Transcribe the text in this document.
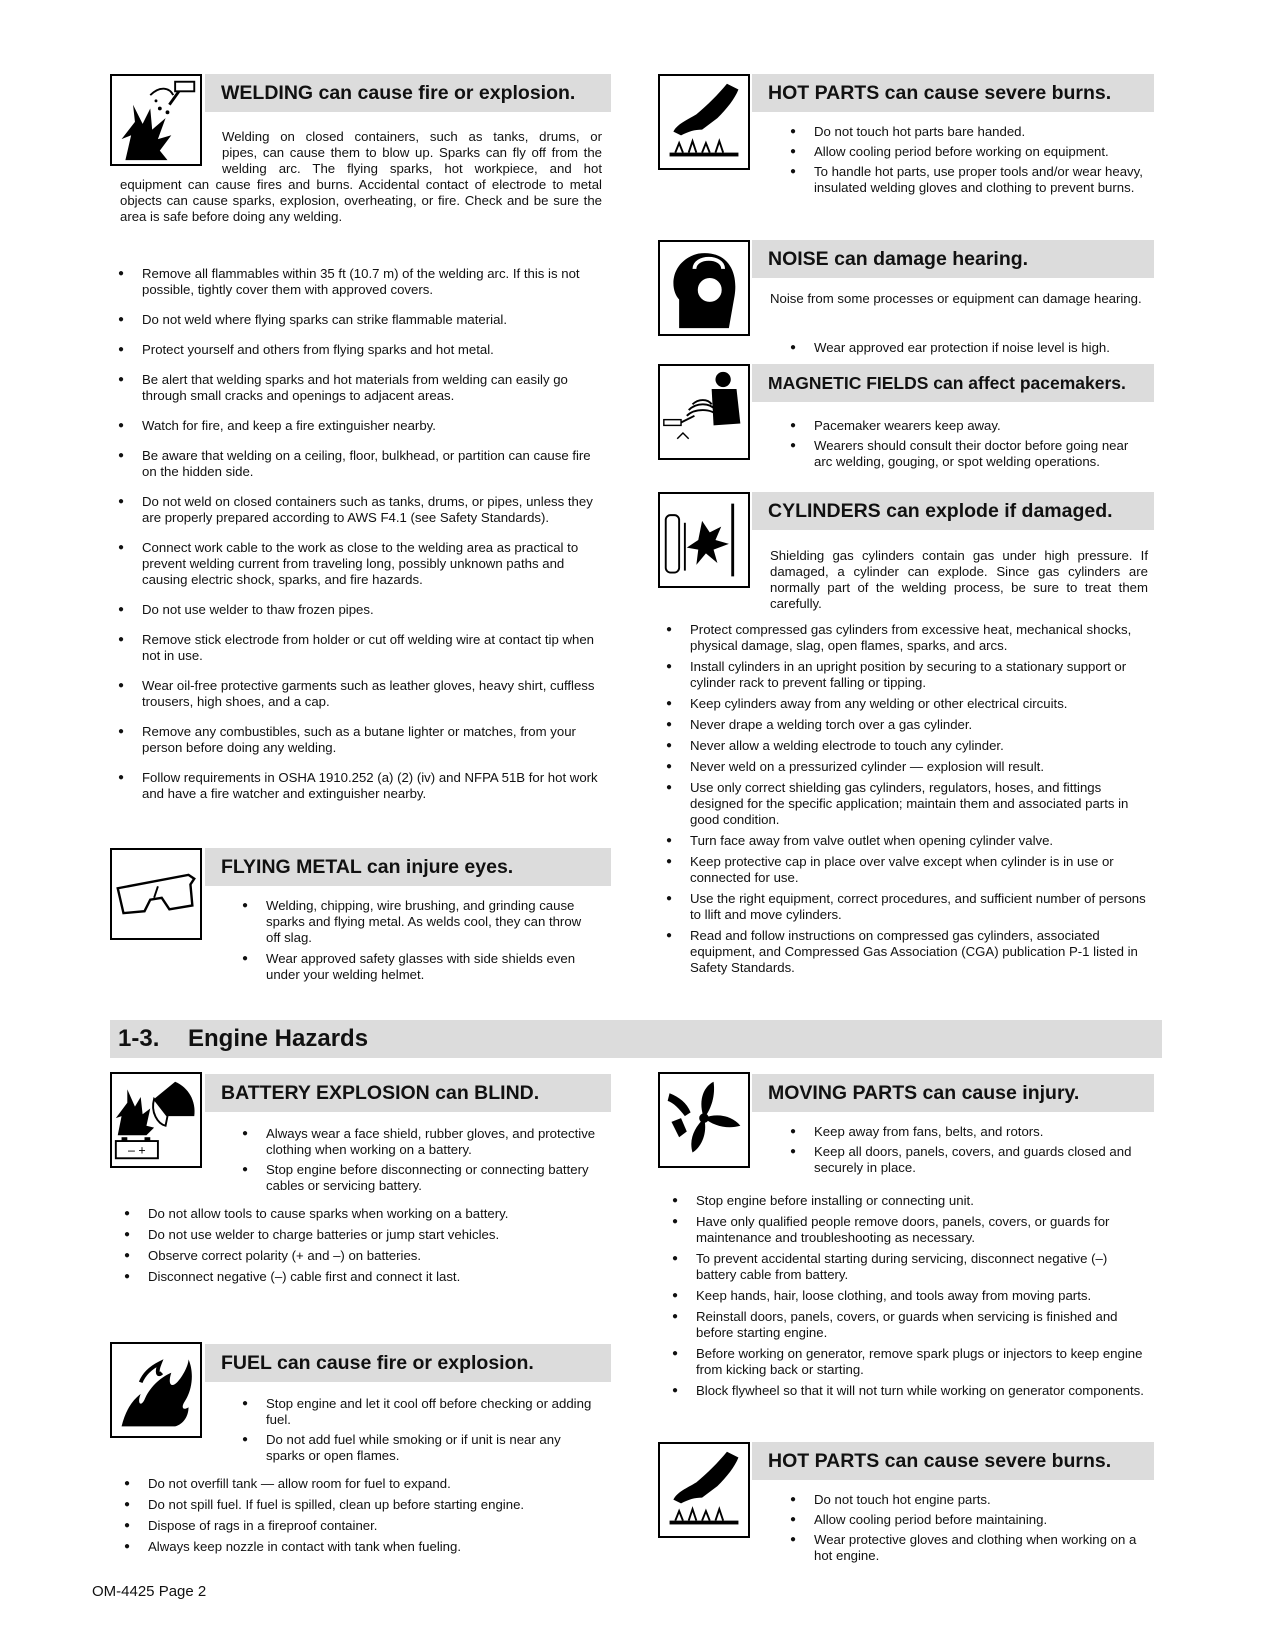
WELDING can cause fire or explosion.
Welding on closed containers, such as tanks, drums, or
pipes, can cause them to blow up. Sparks can fly off from the
welding arc. The flying sparks, hot workpiece, and hot
equipment can cause fires and burns. Accidental contact of electrode to metal objects can cause sparks, explosion, overheating, or fire. Check and be sure the area is safe before doing any welding.
● Remove all flammables within 35 ft (10.7 m) of the welding arc. If this is not possible, tightly cover them with approved covers.
● Do not weld where flying sparks can strike flammable material.
● Protect yourself and others from flying sparks and hot metal.
● Be alert that welding sparks and hot materials from welding can easily go through small cracks and openings to adjacent areas.
● Watch for fire, and keep a fire extinguisher nearby.
● Be aware that welding on a ceiling, floor, bulkhead, or partition can cause fire on the hidden side.
● Do not weld on closed containers such as tanks, drums, or pipes, unless they are properly prepared according to AWS F4.1 (see Safety Standards).
● Connect work cable to the work as close to the welding area as practical to prevent welding current from traveling long, possibly unknown paths and causing electric shock, sparks, and fire hazards.
● Do not use welder to thaw frozen pipes.
● Remove stick electrode from holder or cut off welding wire at contact tip when not in use.
● Wear oil-free protective garments such as leather gloves, heavy shirt, cuffless trousers, high shoes, and a cap.
● Remove any combustibles, such as a butane lighter or matches, from your person before doing any welding.
● Follow requirements in OSHA 1910.252 (a) (2) (iv) and NFPA 51B for hot work and have a fire watcher and extinguisher nearby.
FLYING METAL can injure eyes.
● Welding, chipping, wire brushing, and grinding cause sparks and flying metal. As welds cool, they can throw off slag.
● Wear approved safety glasses with side shields even under your welding helmet.
HOT PARTS can cause severe burns.
● Do not touch hot parts bare handed.
● Allow cooling period before working on equipment.
● To handle hot parts, use proper tools and/or wear heavy, insulated welding gloves and clothing to prevent burns.
NOISE can damage hearing.

Noise from some processes or equipment can damage hearing.

● Wear approved ear protection if noise level is high.
MAGNETIC FIELDS can affect pacemakers.
● Pacemaker wearers keep away.
● Wearers should consult their doctor before going near arc welding, gouging, or spot welding operations.
CYLINDERS can explode if damaged.

Shielding gas cylinders contain gas under high pressure. If damaged, a cylinder can explode. Since gas cylinders are normally part of the welding process, be sure to treat them carefully.

● Protect compressed gas cylinders from excessive heat, mechanical shocks, physical damage, slag, open flames, sparks, and arcs.
● Install cylinders in an upright position by securing to a stationary support or cylinder rack to prevent falling or tipping.
● Keep cylinders away from any welding or other electrical circuits.
● Never drape a welding torch over a gas cylinder.
● Never allow a welding electrode to touch any cylinder.
● Never weld on a pressurized cylinder — explosion will result.
● Use only correct shielding gas cylinders, regulators, hoses, and fittings designed for the specific application; maintain them and associated parts in good condition.
● Turn face away from valve outlet when opening cylinder valve.
● Keep protective cap in place over valve except when cylinder is in use or connected for use.
● Use the right equipment, correct procedures, and sufficient number of persons to llift and move cylinders.
● Read and follow instructions on compressed gas cylinders, associated equipment, and Compressed Gas Association (CGA) publication P-1 listed in Safety Standards.
1-3. Engine Hazards
– +
BATTERY EXPLOSION can BLIND.
● Always wear a face shield, rubber gloves, and protective clothing when working on a battery.
● Stop engine before disconnecting or connecting battery cables or servicing battery.
● Do not allow tools to cause sparks when working on a battery.
● Do not use welder to charge batteries or jump start vehicles.
● Observe correct polarity (+ and –) on batteries.
● Disconnect negative (–) cable first and connect it last.
FUEL can cause fire or explosion.
● Stop engine and let it cool off before checking or adding fuel.
● Do not add fuel while smoking or if unit is near any sparks or open flames.
● Do not overfill tank — allow room for fuel to expand.
● Do not spill fuel. If fuel is spilled, clean up before starting engine.
● Dispose of rags in a fireproof container.
● Always keep nozzle in contact with tank when fueling.
MOVING PARTS can cause injury.
● Keep away from fans, belts, and rotors.
● Keep all doors, panels, covers, and guards closed and securely in place.
● Stop engine before installing or connecting unit.
● Have only qualified people remove doors, panels, covers, or guards for maintenance and troubleshooting as necessary.
● To prevent accidental starting during servicing, disconnect negative (–) battery cable from battery.
● Keep hands, hair, loose clothing, and tools away from moving parts.
● Reinstall doors, panels, covers, or guards when servicing is finished and before starting engine.
● Before working on generator, remove spark plugs or injectors to keep engine from kicking back or starting.
● Block flywheel so that it will not turn while working on generator components.
HOT PARTS can cause severe burns.
● Do not touch hot engine parts.
● Allow cooling period before maintaining.
● Wear protective gloves and clothing when working on a hot engine.
OM-4425 Page 2
